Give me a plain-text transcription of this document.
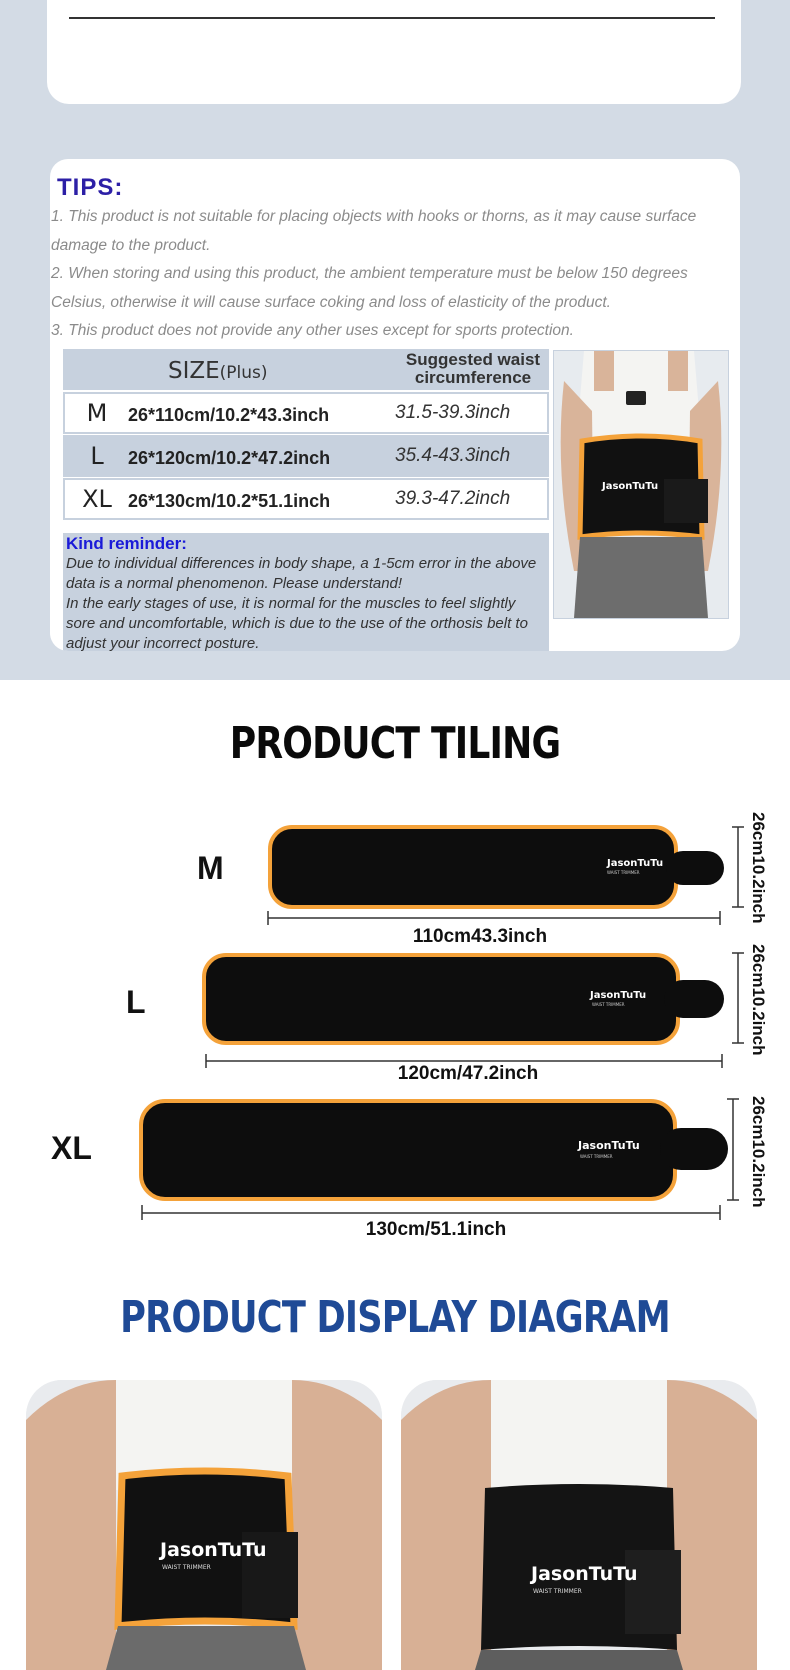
TIPS:

1. This product is not suitable for placing objects with hooks or thorns, as it may cause surface damage to the product.

2. When storing and using this product, the ambient temperature must be below 150 degrees Celsius, otherwise it will cause surface coking and loss of elasticity of the product.

3. This product does not provide any other uses except for sports protection.

SIZE(Plus)
Suggested waist circumference
M	26*110cm/10.2*43.3inch	31.5-39.3inch
L	26*120cm/10.2*47.2inch	35.4-43.3inch
XL 26*130cm/10.2*51.1inch	39.3-47.2inch
Kind reminder:

Due to individual differences in body shape, a 1-5cm error in the above data is a normal phenomenon. Please understand!

In the early stages of use, it is normal for the muscles to feel slightly sore and uncomfortable, which is due to the use of the orthosis belt to adjust your incorrect posture.

JasonTuTu
PRODUCT TILING
JasonTuTu
WAIST TRIMMER
JasonTuTu
WAIST TRIMMER
JasonTuTu
WAIST TRIMMER
M
L
XL
110cm43.3inch
120cm/47.2inch
130cm/51.1inch
26cm10.2inch
26cm10.2inch
26cm10.2inch
PRODUCT DISPLAY DIAGRAM
JasonTuTu
WAIST TRIMMER	JasonTuTu
WAIST TRIMMER
